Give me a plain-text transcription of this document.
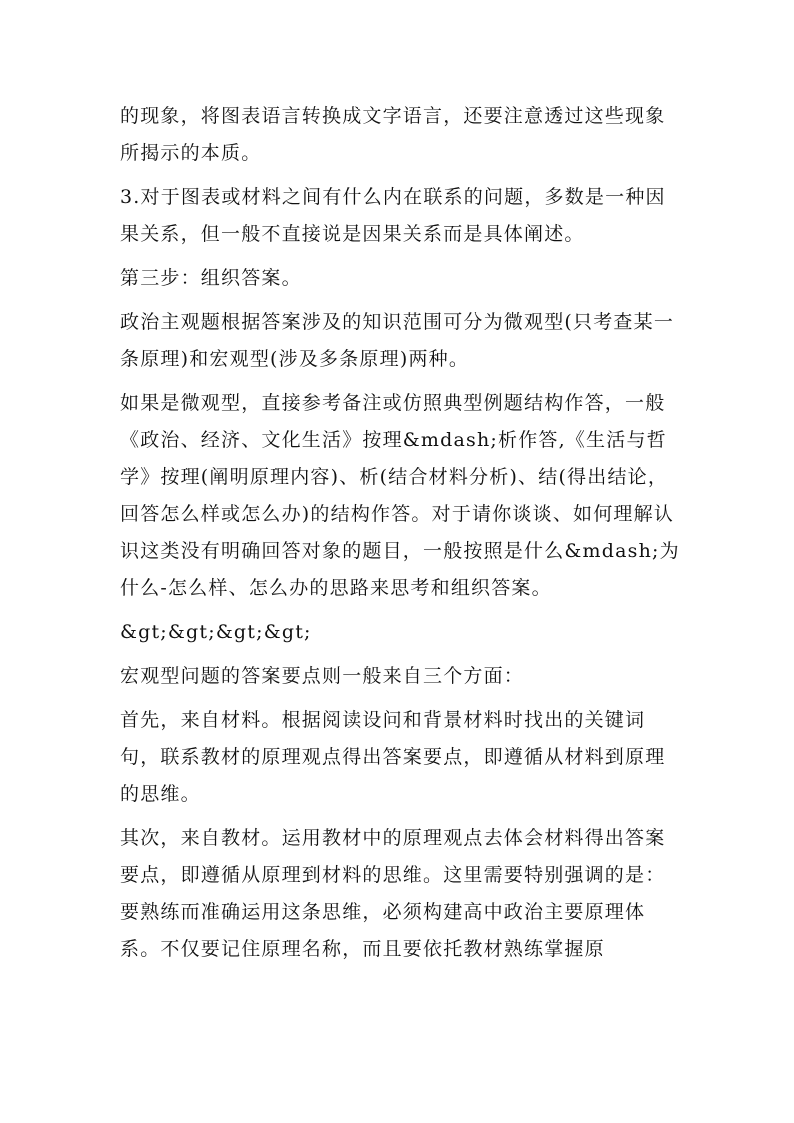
的现象，将图表语言转换成文字语言，还要注意透过这些现象所揭示的本质。

3.对于图表或材料之间有什么内在联系的问题，多数是一种因果关系，但一般不直接说是因果关系而是具体阐述。

第三步：组织答案。

政治主观题根据答案涉及的知识范围可分为微观型(只考查某一条原理)和宏观型(涉及多条原理)两种。

如果是微观型，直接参考备注或仿照典型例题结构作答，一般《政治、经济、文化生活》按理&mdash;析作答,《生活与哲学》按理(阐明原理内容)、析(结合材料分析)、结(得出结论，回答怎么样或怎么办)的结构作答。对于请你谈谈、如何理解认识这类没有明确回答对象的题目，一般按照是什么&mdash;为什么-怎么样、怎么办的思路来思考和组织答案。

&gt;&gt;&gt;&gt;

宏观型问题的答案要点则一般来自三个方面：

首先，来自材料。根据阅读设问和背景材料时找出的关键词句，联系教材的原理观点得出答案要点，即遵循从材料到原理的思维。

其次，来自教材。运用教材中的原理观点去体会材料得出答案要点，即遵循从原理到材料的思维。这里需要特别强调的是：要熟练而准确运用这条思维，必须构建高中政治主要原理体系。不仅要记住原理名称，而且要依托教材熟练掌握原
